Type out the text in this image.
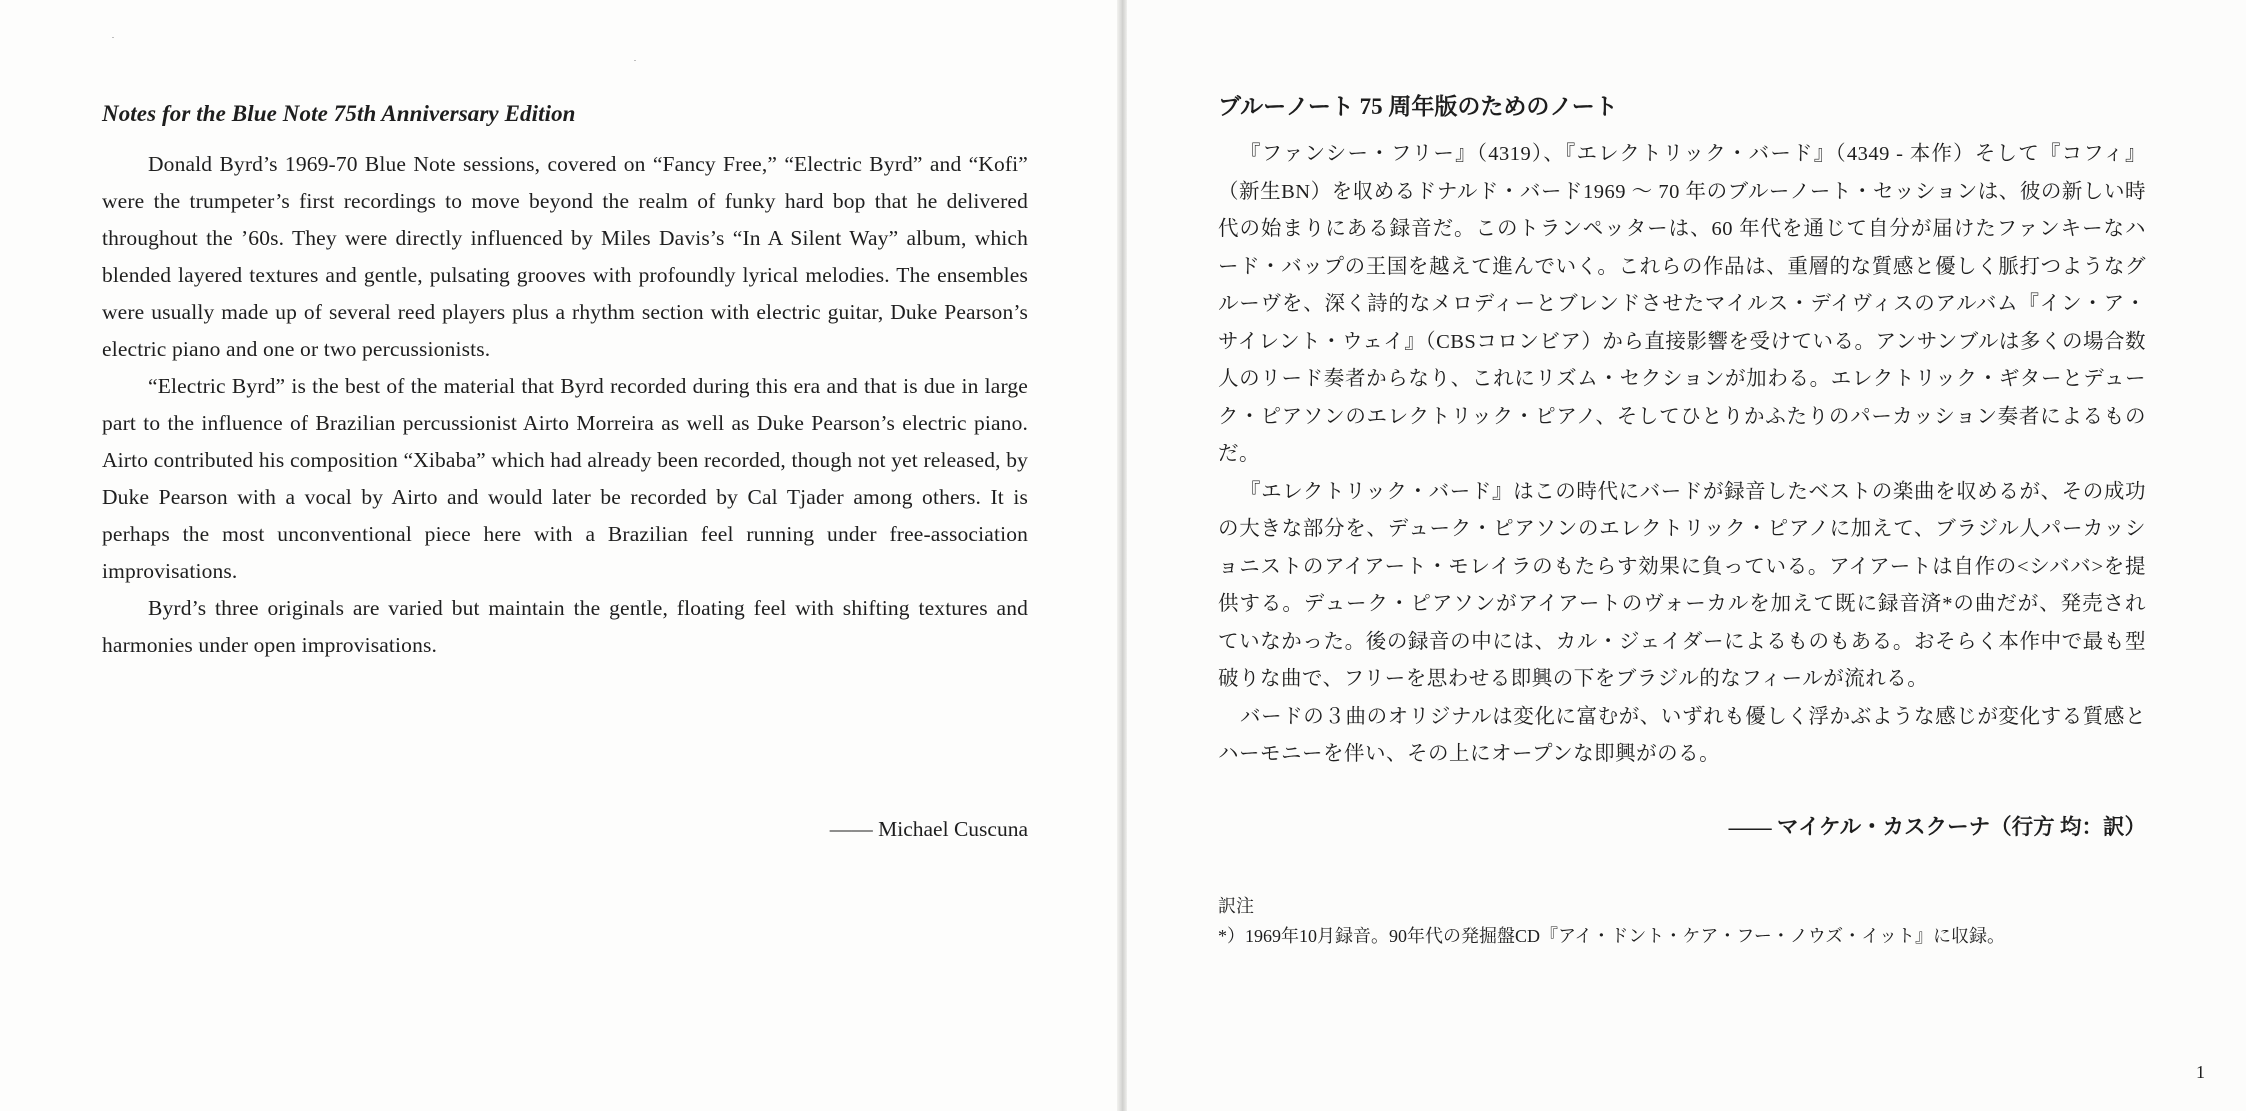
Notes for the Blue Note 75th Anniversary Edition

Donald Byrd’s 1969-70 Blue Note sessions, covered on “Fancy Free,” “Electric Byrd” and “Kofi” were the trumpeter’s first recordings to move beyond the realm of funky hard bop that he delivered throughout the ’60s. They were directly influenced by Miles Davis’s “In A Silent Way” album, which blended layered textures and gentle, pulsating grooves with profoundly lyrical melodies. The ensembles were usually made up of several reed players plus a rhythm section with electric guitar, Duke Pearson’s electric piano and one or two percussionists.

“Electric Byrd” is the best of the material that Byrd recorded during this era and that is due in large part to the influence of Brazilian percussionist Airto Morreira as well as Duke Pearson’s electric piano. Airto contributed his composition “Xibaba” which had already been recorded, though not yet released, by Duke Pearson with a vocal by Airto and would later be recorded by Cal Tjader among others. It is perhaps the most unconventional piece here with a Brazilian feel running under free-association improvisations.

Byrd’s three originals are varied but maintain the gentle, floating feel with shifting textures and harmonies under open improvisations.

—— Michael Cuscuna
ブルーノート 75 周年版のためのノート

『ファンシー・フリー』（4319）、『エレクトリック・バード』（4349 - 本作）そして『コフィ』（新生BN）を収めるドナルド・バード1969 〜 70 年のブルーノート・セッションは、彼の新しい時代の始まりにある録音だ。このトランペッターは、60 年代を通じて自分が届けたファンキーなハード・バップの王国を越えて進んでいく。これらの作品は、重層的な質感と優しく脈打つようなグルーヴを、深く詩的なメロディーとブレンドさせたマイルス・デイヴィスのアルバム『イン・ア・サイレント・ウェイ』（CBSコロンビア）から直接影響を受けている。アンサンブルは多くの場合数人のリード奏者からなり、これにリズム・セクションが加わる。エレクトリック・ギターとデューク・ピアソンのエレクトリック・ピアノ、そしてひとりかふたりのパーカッション奏者によるものだ。

『エレクトリック・バード』はこの時代にバードが録音したベストの楽曲を収めるが、その成功の大きな部分を、デューク・ピアソンのエレクトリック・ピアノに加えて、ブラジル人パーカッショニストのアイアート・モレイラのもたらす効果に負っている。アイアートは自作の<シババ>を提供する。デューク・ピアソンがアイアートのヴォーカルを加えて既に録音済*の曲だが、発売されていなかった。後の録音の中には、カル・ジェイダーによるものもある。おそらく本作中で最も型破りな曲で、フリーを思わせる即興の下をブラジル的なフィールが流れる。

バードの３曲のオリジナルは変化に富むが、いずれも優しく浮かぶような感じが変化する質感とハーモニーを伴い、その上にオープンな即興がのる。

—— マイケル・カスクーナ（行方 均：訳）

訳注

*）1969年10月録音。90年代の発掘盤CD『アイ・ドント・ケア・フー・ノウズ・イット』に収録。

1
